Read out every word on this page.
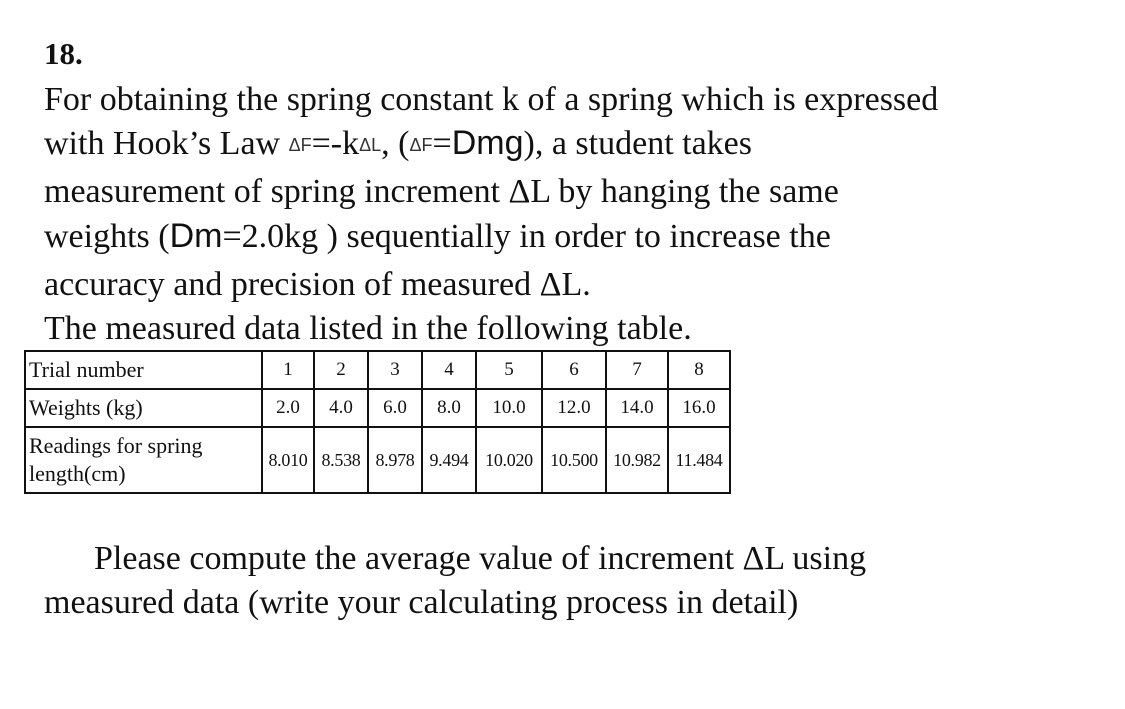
18.
For obtaining the spring constant k of a spring which is expressed
with Hook’s Law ΔF=-kΔL, (ΔF=Dmg), a student takes
measurement of spring increment ΔL by hanging the same
weights (Dm=2.0kg ) sequentially in order to increase the
accuracy and precision of measured ΔL.
The measured data listed in the following table.
Trial number	1	2	3	4	5	6	7	8
Weights (kg)	2.0	4.0	6.0	8.0	10.0	12.0	14.0	16.0
Readings for spring length(cm)	8.010	8.538	8.978	9.494	10.020	10.500	10.982	11.484
Please compute the average value of increment ΔL using
measured data (write your calculating process in detail)
